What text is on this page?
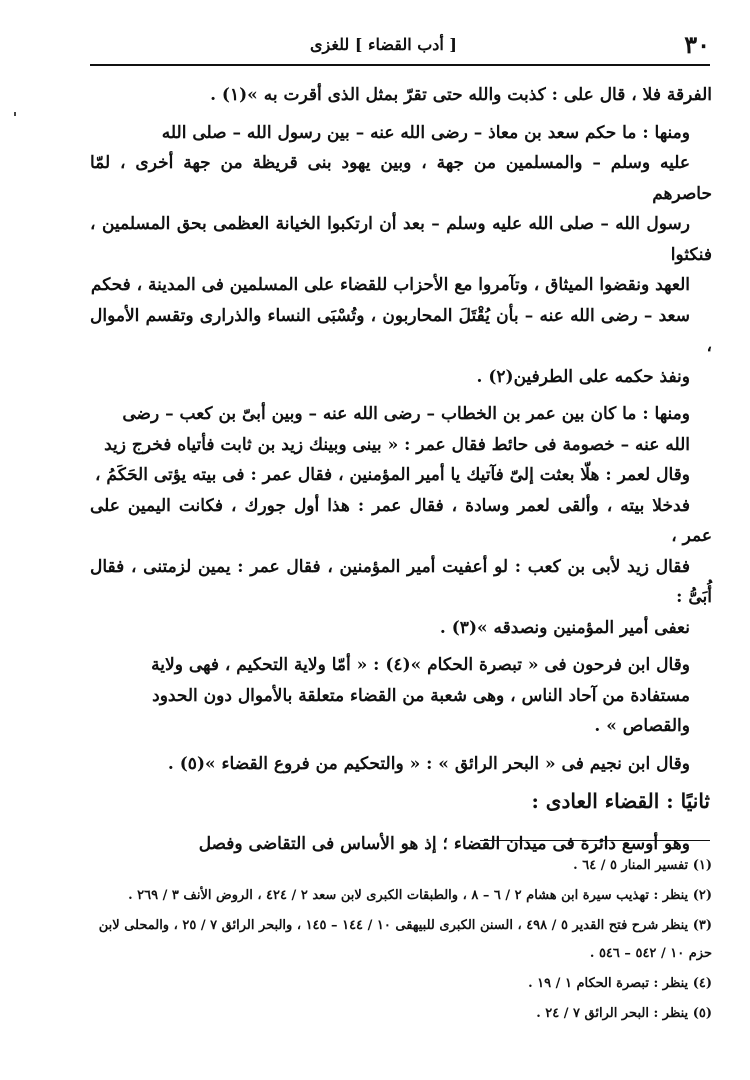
٣٠
[ أدب القضاء ] للغزى

الفرقة فلا ، قال على : كذبت والله حتى تقرّ بمثل الذى أقرت به »(١) .

ومنها : ما حكم سعد بن معاذ – رضى الله عنه – بين رسول الله – صلى الله
عليه وسلم – والمسلمين من جهة ، وبين يهود بنى قريظة من جهة أخرى ، لمّا حاصرهم
رسول الله – صلى الله عليه وسلم – بعد أن ارتكبوا الخيانة العظمى بحق المسلمين ، فنكثوا
العهد ونقضوا الميثاق ، وتآمروا مع الأحزاب للقضاء على المسلمين فى المدينة ، فحكم
سعد – رضى الله عنه – بأن يُقْتَلَ المحاربون ، وتُسْبَى النساء والذرارى وتقسم الأموال ،
ونفذ حكمه على الطرفين(٢) .

ومنها : ما كان بين عمر بن الخطاب – رضى الله عنه – وبين أبىّ بن كعب – رضى
الله عنه – خصومة فى حائط فقال عمر : « بينى وبينك زيد بن ثابت فأتياه فخرج زيد
وقال لعمر : هلّا بعثت إلىّ فآتيك يا أمير المؤمنين ، فقال عمر : فى بيته يؤتى الحَكَمُ ،
فدخلا بيته ، وألقى لعمر وسادة ، فقال عمر : هذا أول جورك ، فكانت اليمين على عمر ،
فقال زيد لأبى بن كعب : لو أعفيت أمير المؤمنين ، فقال عمر : يمين لزمتنى ، فقال أُبَىُّ :
نعفى أمير المؤمنين ونصدقه »(٣) .

وقال ابن فرحون فى « تبصرة الحكام »(٤) : « أمّا ولاية التحكيم ، فهى ولاية
مستفادة من آحاد الناس ، وهى شعبة من القضاء متعلقة بالأموال دون الحدود
والقصاص » .

وقال ابن نجيم فى « البحر الرائق » : « والتحكيم من فروع القضاء »(٥) .

ثانيًا : القضاء العادى :

وهو أوسع دائرة فى ميدان القضاء ؛ إذ هو الأساس فى التقاضى وفصل

(١) تفسير المنار ٥ / ٦٤ .
(٢) ينظر : تهذيب سيرة ابن هشام ٢ / ٦ – ٨ ، والطبقات الكبرى لابن سعد ٢ / ٤٢٤ ، الروض الأنف ٣ / ٢٦٩ .
(٣) ينظر شرح فتح القدير ٥ / ٤٩٨ ، السنن الكبرى للبيهقى ١٠ / ١٤٤ – ١٤٥ ، والبحر الرائق ٧ / ٢٥ ، والمحلى لابن حزم ١٠ / ٥٤٢ – ٥٤٦ .
(٤) ينظر : تبصرة الحكام ١ / ١٩ .
(٥) ينظر : البحر الرائق ٧ / ٢٤ .
